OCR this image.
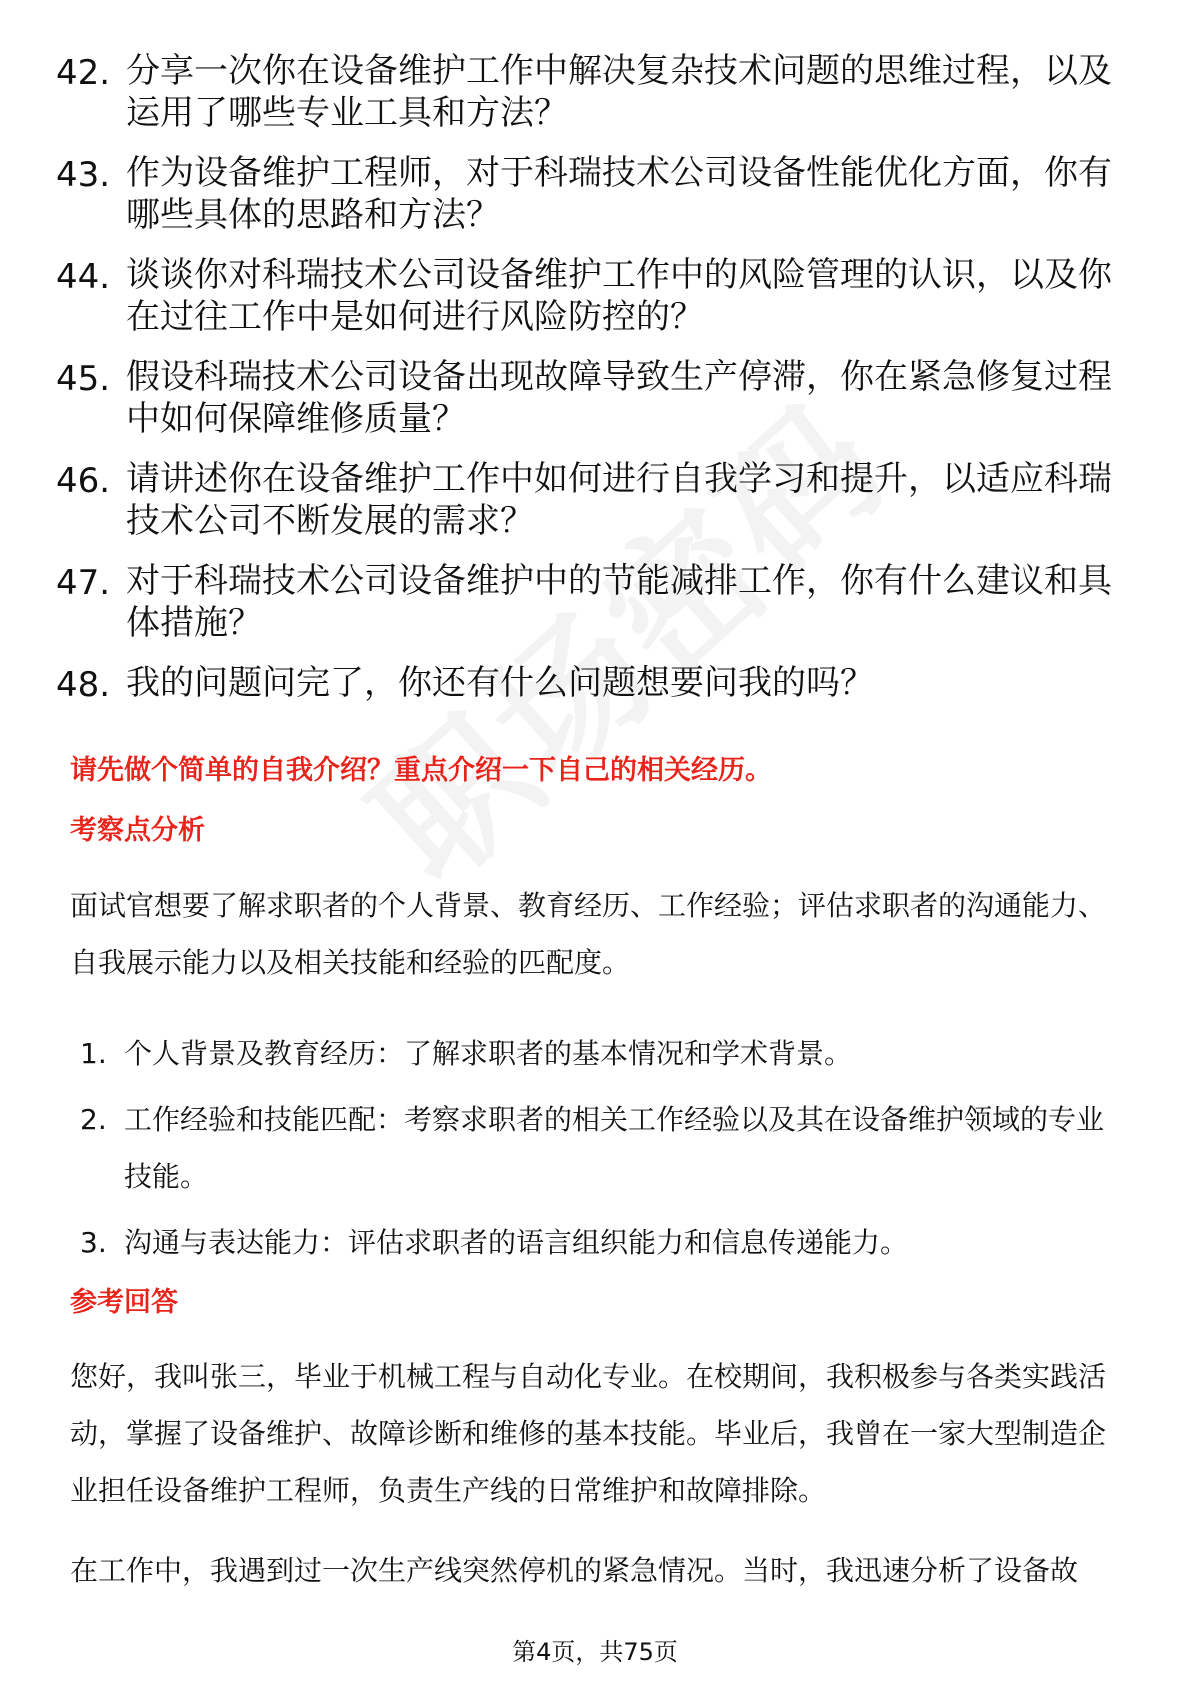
42. 分享一次你在设备维护工作中解决复杂技术问题的思维过程，以及运用了哪些专业工具和方法？
43. 作为设备维护工程师，对于科瑞技术公司设备性能优化方面，你有哪些具体的思路和方法？
44. 谈谈你对科瑞技术公司设备维护工作中的风险管理的认识，以及你在过往工作中是如何进行风险防控的？
45. 假设科瑞技术公司设备出现故障导致生产停滞，你在紧急修复过程中如何保障维修质量？
46. 请讲述你在设备维护工作中如何进行自我学习和提升，以适应科瑞技术公司不断发展的需求？
47. 对于科瑞技术公司设备维护中的节能减排工作，你有什么建议和具体措施？
48. 我的问题问完了，你还有什么问题想要问我的吗？
请先做个简单的自我介绍？重点介绍一下自己的相关经历。
考察点分析
面试官想要了解求职者的个人背景、教育经历、工作经验；评估求职者的沟通能力、自我展示能力以及相关技能和经验的匹配度。
1. 个人背景及教育经历：了解求职者的基本情况和学术背景。
2. 工作经验和技能匹配：考察求职者的相关工作经验以及其在设备维护领域的专业技能。
3. 沟通与表达能力：评估求职者的语言组织能力和信息传递能力。
参考回答
您好，我叫张三，毕业于机械工程与自动化专业。在校期间，我积极参与各类实践活动，掌握了设备维护、故障诊断和维修的基本技能。毕业后，我曾在一家大型制造企业担任设备维护工程师，负责生产线的日常维护和故障排除。
在工作中，我遇到过一次生产线突然停机的紧急情况。当时，我迅速分析了设备故
第4页，共75页
